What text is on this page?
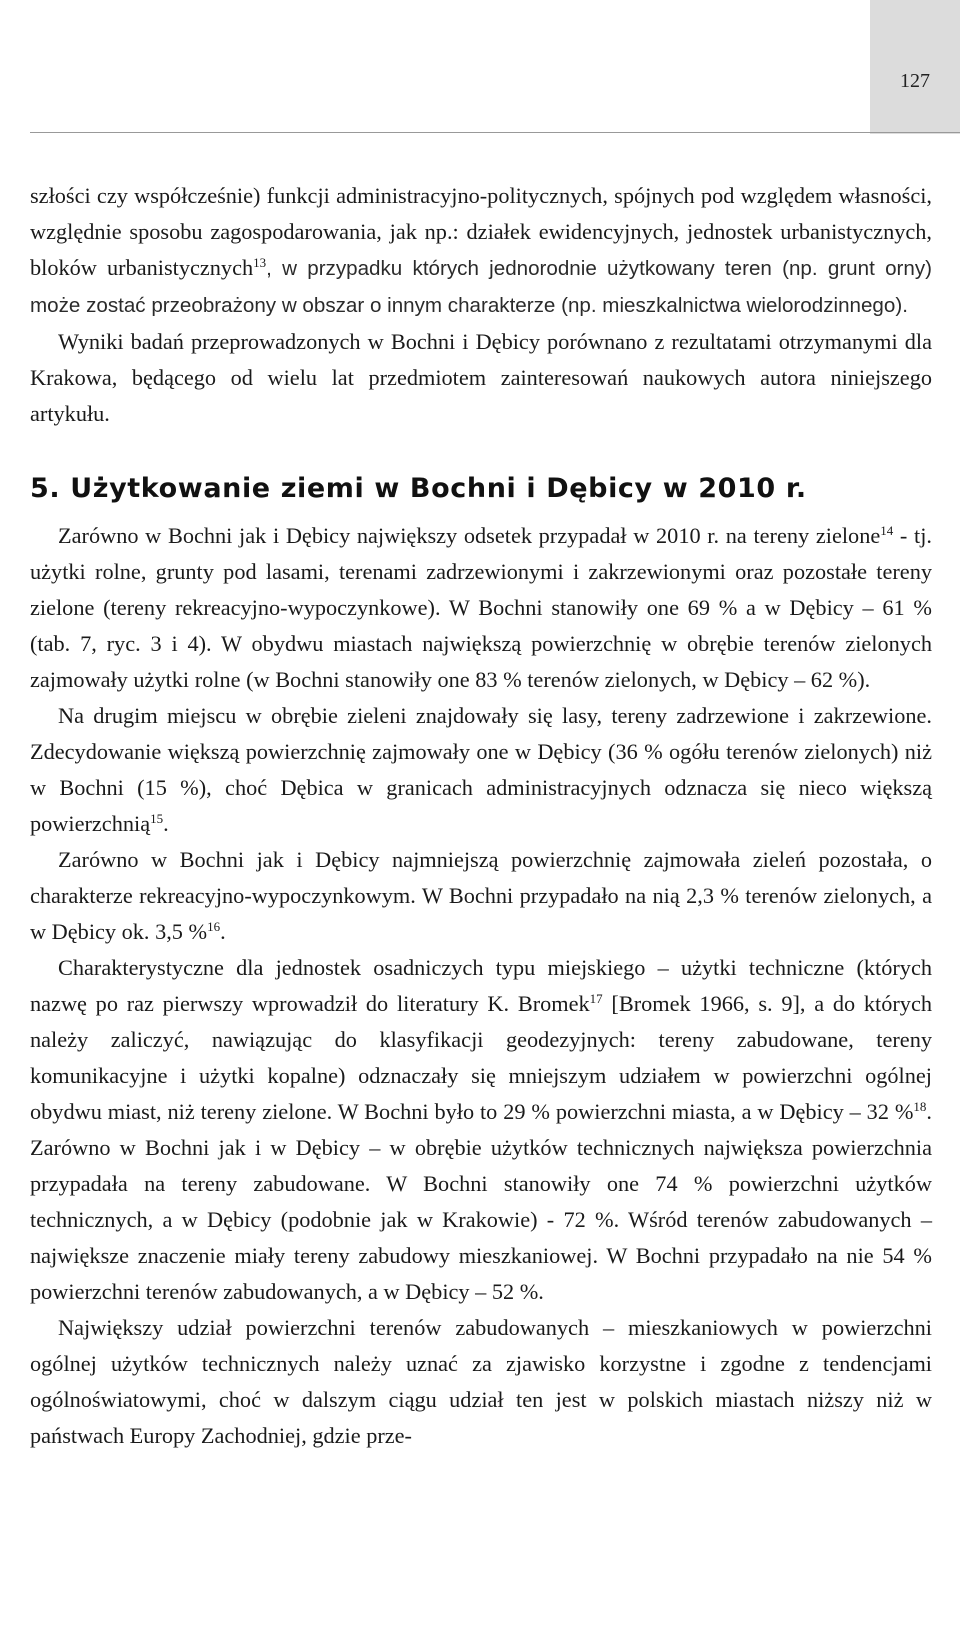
127

szłości czy współcześnie) funkcji administracyjno-politycznych, spójnych pod względem własności, względnie sposobu zagospodarowania, jak np.: działek ewidencyjnych, jednostek urbanistycznych, bloków urbanistycznych$^{13}$, w przypadku których jednorodnie użytkowany teren (np. grunt orny) może zostać przeobrażony w obszar o innym charakterze (np. mieszkalnictwa wielorodzinnego).

Wyniki badań przeprowadzonych w Bochni i Dębicy porównano z rezultatami otrzymanymi dla Krakowa, będącego od wielu lat przedmiotem zainteresowań naukowych autora niniejszego artykułu.

5. Użytkowanie ziemi w Bochni i Dębicy w 2010 r.

Zarówno w Bochni jak i Dębicy największy odsetek przypadał w 2010 r. na tereny zielone$^{14}$ - tj. użytki rolne, grunty pod lasami, terenami zadrzewionymi i zakrzewionymi oraz pozostałe tereny zielone (tereny rekreacyjno-wypoczynkowe). W Bochni stanowiły one 69 % a w Dębicy – 61 % (tab. 7, ryc. 3 i 4). W obydwu miastach największą powierzchnię w obrębie terenów zielonych zajmowały użytki rolne (w Bochni stanowiły one 83 % terenów zielonych, w Dębicy – 62 %).

Na drugim miejscu w obrębie zieleni znajdowały się lasy, tereny zadrzewione i zakrzewione. Zdecydowanie większą powierzchnię zajmowały one w Dębicy (36 % ogółu terenów zielonych) niż w Bochni (15 %), choć Dębica w granicach administracyjnych odznacza się nieco większą powierzchnią$^{15}$.

Zarówno w Bochni jak i Dębicy najmniejszą powierzchnię zajmowała zieleń pozostała, o charakterze rekreacyjno-wypoczynkowym. W Bochni przypadało na nią 2,3 % terenów zielonych, a w Dębicy ok. 3,5 %$^{16}$.

Charakterystyczne dla jednostek osadniczych typu miejskiego – użytki techniczne (których nazwę po raz pierwszy wprowadził do literatury K. Bromek$^{17}$ [Bromek 1966, s. 9], a do których należy zaliczyć, nawiązując do klasyfikacji geodezyjnych: tereny zabudowane, tereny komunikacyjne i użytki kopalne) odznaczały się mniejszym udziałem w powierzchni ogólnej obydwu miast, niż tereny zielone. W Bochni było to 29 % powierzchni miasta, a w Dębicy – 32 %$^{18}$. Zarówno w Bochni jak i w Dębicy – w obrębie użytków technicznych największa powierzchnia przypadała na tereny zabudowane. W Bochni stanowiły one 74 % powierzchni użytków technicznych, a w Dębicy (podobnie jak w Krakowie) - 72 %. Wśród terenów zabudowanych – największe znaczenie miały tereny zabudowy mieszkaniowej. W Bochni przypadało na nie 54 % powierzchni terenów zabudowanych, a w Dębicy – 52 %.

Największy udział powierzchni terenów zabudowanych – mieszkaniowych w powierzchni ogólnej użytków technicznych należy uznać za zjawisko korzystne i zgodne z tendencjami ogólnoświatowymi, choć w dalszym ciągu udział ten jest w polskich miastach niższy niż w państwach Europy Zachodniej, gdzie prze-
